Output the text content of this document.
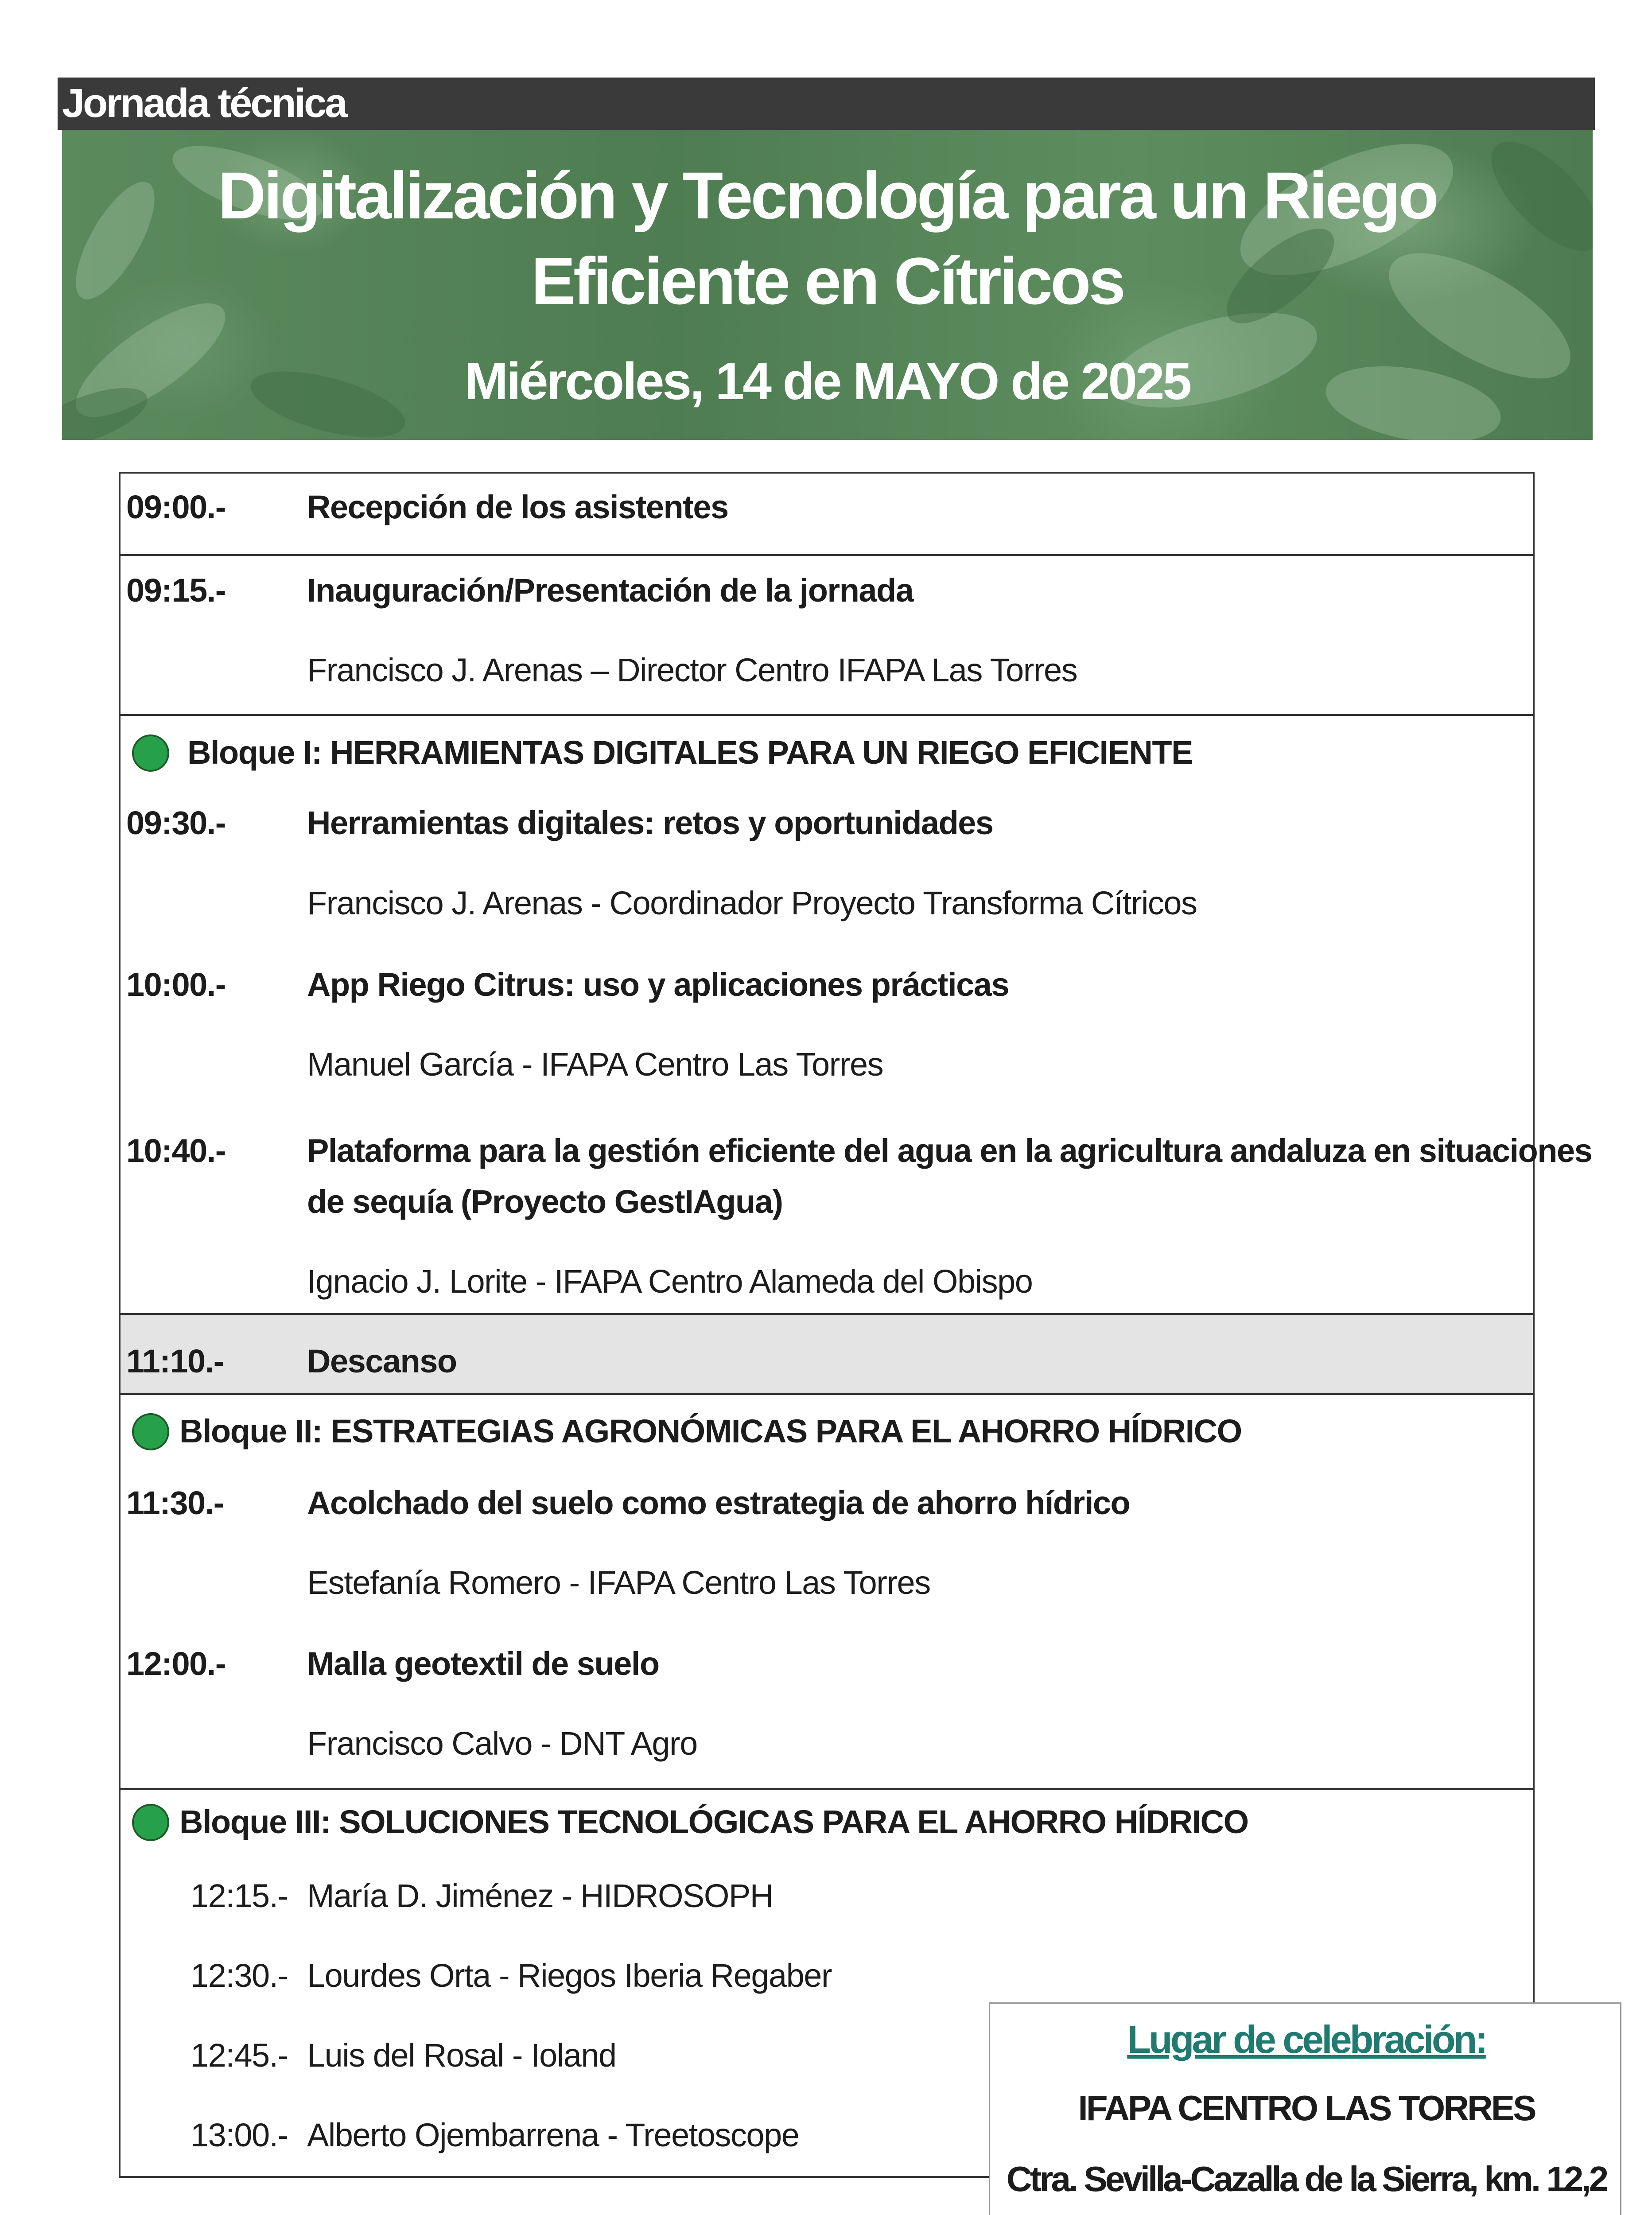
Jornada técnica
Digitalización y Tecnología para un Riego
Eficiente en Cítricos
Miércoles, 14 de MAYO de 2025
09:00.- Recepción de los asistentes
09:15.- Inauguración/Presentación de la jornada
Francisco J. Arenas – Director Centro IFAPA Las Torres
Bloque I: HERRAMIENTAS DIGITALES PARA UN RIEGO EFICIENTE
09:30.- Herramientas digitales: retos y oportunidades
Francisco J. Arenas - Coordinador Proyecto Transforma Cítricos
10:00.- App Riego Citrus: uso y aplicaciones prácticas
Manuel García - IFAPA Centro Las Torres
10:40.- Plataforma para la gestión eficiente del agua en la agricultura andaluza en situaciones
de sequía (Proyecto GestIAgua)
Ignacio J. Lorite - IFAPA Centro Alameda del Obispo
11:10.-	Descanso
Bloque II: ESTRATEGIAS AGRONÓMICAS PARA EL AHORRO HÍDRICO
11:30.-	Acolchado del suelo como estrategia de ahorro hídrico
Estefanía Romero - IFAPA Centro Las Torres
12:00.- Malla geotextil de suelo
Francisco Calvo - DNT Agro
Bloque III: SOLUCIONES TECNOLÓGICAS PARA EL AHORRO HÍDRICO
12:15.- María D. Jiménez - HIDROSOPH
12:30.- Lourdes Orta - Riegos Iberia Regaber
12:45.- Luis del Rosal - Ioland
13:00.- Alberto Ojembarrena - Treetoscope
Lugar de celebración:
IFAPA CENTRO LAS TORRES
Ctra. Sevilla-Cazalla de la Sierra, km. 12,2
